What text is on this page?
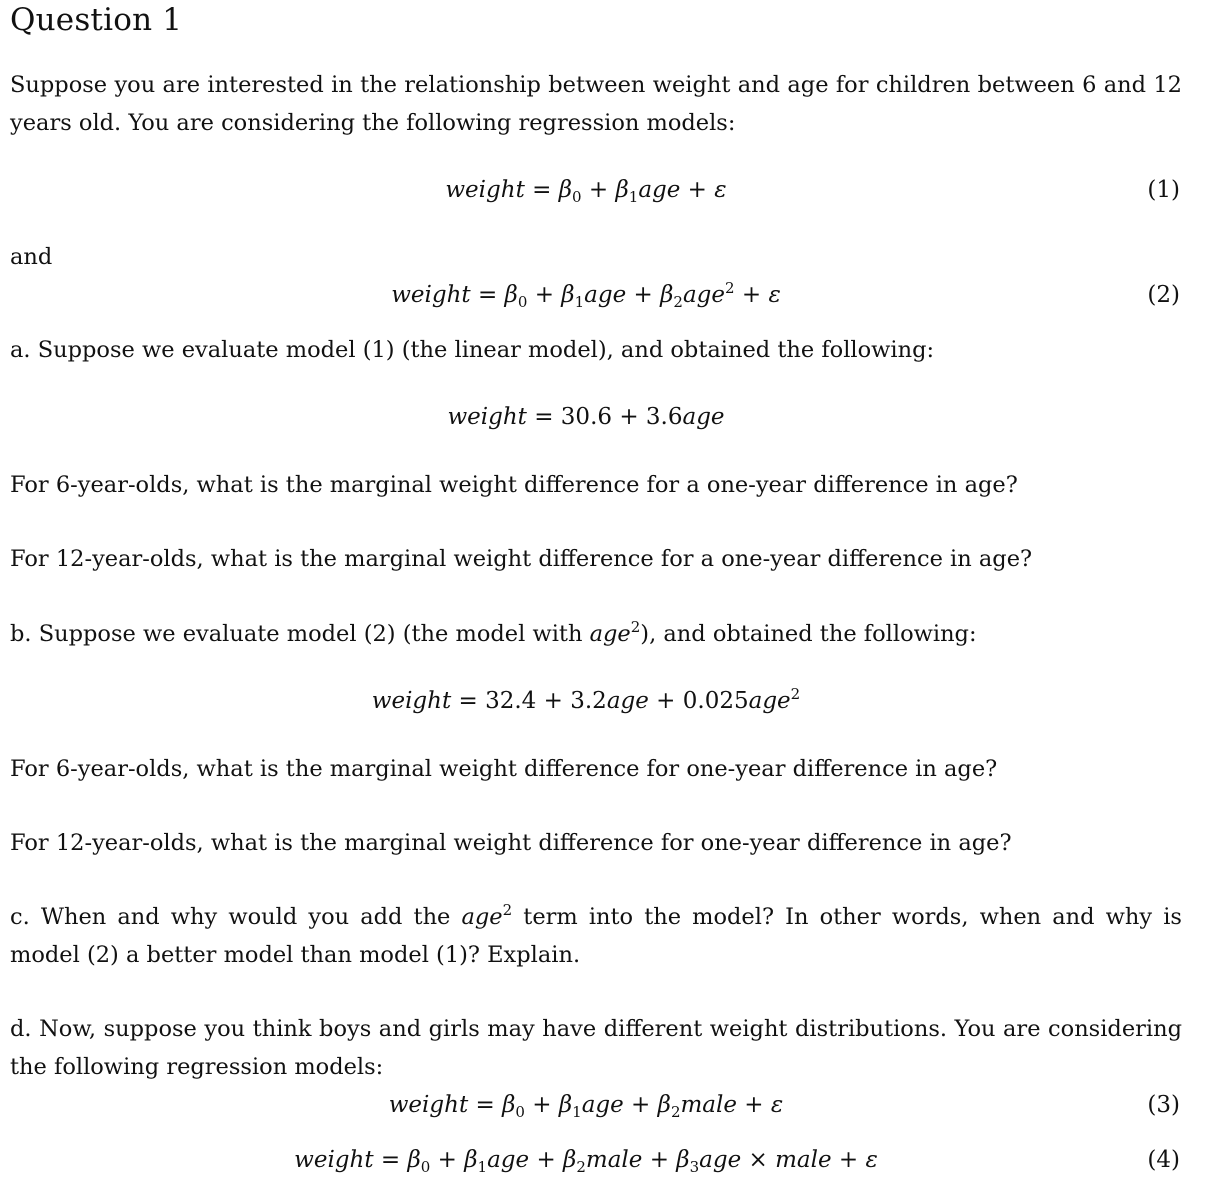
Question 1

Suppose you are interested in the relationship between weight and age for children between 6 and 12 years old. You are considering the following regression models:

weight = $\beta_0 + \beta_1age + \varepsilon$	(1)

and

weight = $\beta_0 + \beta_1age + \beta_2age^2 + \varepsilon$	(2)

a. Suppose we evaluate model (1) (the linear model), and obtained the following:

weight = 30.6 + 3.6age

For 6-year-olds, what is the marginal weight difference for a one-year difference in age?

For 12-year-olds, what is the marginal weight difference for a one-year difference in age?

b. Suppose we evaluate model (2) (the model with age$^2$), and obtained the following:

weight = 32.4 + 3.2age + 0.025age$^2$

For 6-year-olds, what is the marginal weight difference for one-year difference in age?

For 12-year-olds, what is the marginal weight difference for one-year difference in age?

c. When and why would you add the age$^2$ term into the model? In other words, when and why is model (2) a better model than model (1)? Explain.

d. Now, suppose you think boys and girls may have different weight distributions. You are considering the following regression models:

weight = $\beta_0 + \beta_1age$ + $\beta_2male + \varepsilon$	(3)
weight = $\beta_0 + \beta_1age$ + $\beta_2male + \beta_3age$ × male + ε	(4)
